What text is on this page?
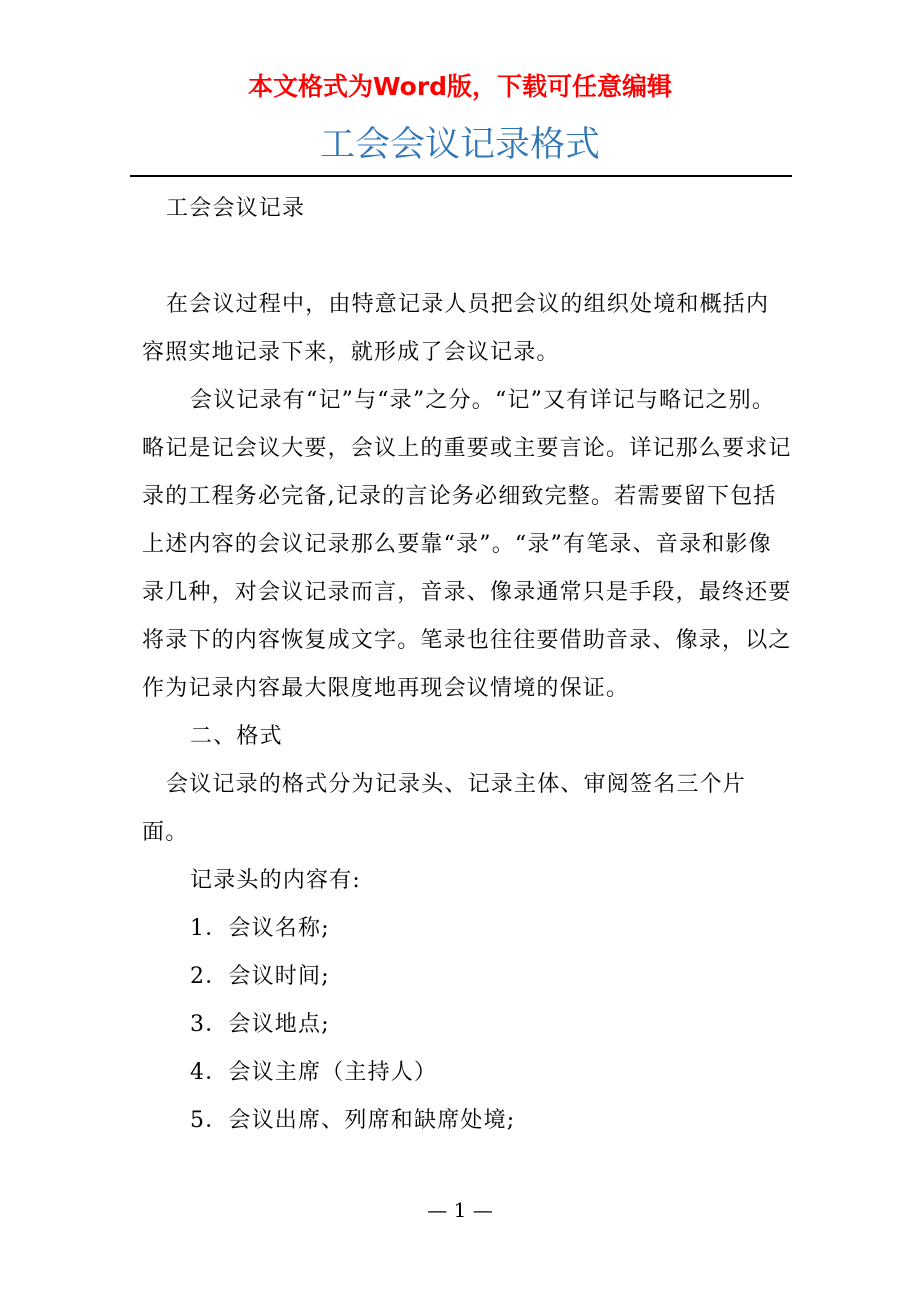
本文格式为Word版，下载可任意编辑
工会会议记录格式

工会会议记录

在会议过程中，由特意记录人员把会议的组织处境和概括内容照实地记录下来，就形成了会议记录。

会议记录有“记”与“录”之分。“记”又有详记与略记之别。略记是记会议大要，会议上的重要或主要言论。详记那么要求记录的工程务必完备,记录的言论务必细致完整。若需要留下包括上述内容的会议记录那么要靠“录”。“录”有笔录、音录和影像录几种，对会议记录而言，音录、像录通常只是手段，最终还要将录下的内容恢复成文字。笔录也往往要借助音录、像录，以之作为记录内容最大限度地再现会议情境的保证。

二、格式

会议记录的格式分为记录头、记录主体、审阅签名三个片面。

记录头的内容有:

1．会议名称;

2．会议时间;

3．会议地点;

4．会议主席（主持人）

5．会议出席、列席和缺席处境;

— 1 —
